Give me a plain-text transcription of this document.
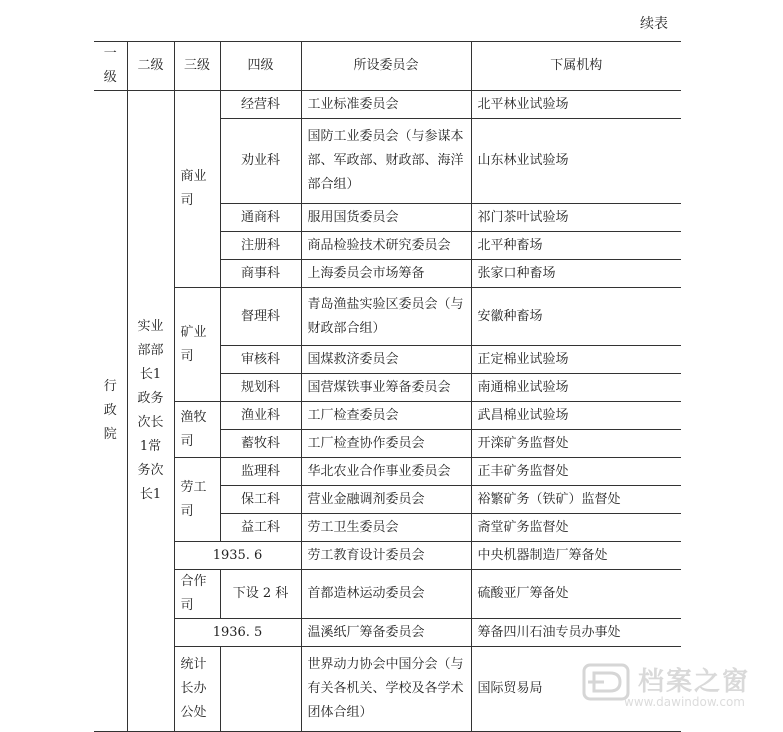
续表
一级	二级	三级	四级	所设委员会	下属机构
行政院	实业部部长1政务次长1常务次长1	商业司	经营科	工业标准委员会	北平林业试验场
			劝业科	国防工业委员会（与参谋本部、军政部、财政部、海洋部合组）	山东林业试验场
			通商科	服用国货委员会	祁门茶叶试验场
			注册科	商品检验技术研究委员会	北平种畜场
			商事科	上海委员会市场筹备	张家口种畜场
		矿业司	督理科	青岛渔盐实验区委员会（与财政部合组）	安徽种畜场
			审核科	国煤救济委员会	正定棉业试验场
			规划科	国营煤铁事业筹备委员会	南通棉业试验场
		渔牧司	渔业科	工厂检查委员会	武昌棉业试验场
			蓄牧科	工厂检查协作委员会	开滦矿务监督处
		劳工司	监理科	华北农业合作事业委员会	正丰矿务监督处
			保工科	营业金融调剂委员会	裕繁矿务（铁矿）监督处
			益工科	劳工卫生委员会	斋堂矿务监督处
		1935. 6		劳工教育设计委员会	中央机器制造厂筹备处
		合作司	下设 2 科	首都造林运动委员会	硫酸亚厂筹备处
		1936. 5		温溪纸厂筹备委员会	筹备四川石油专员办事处
		统计长办公处		世界动力协会中国分会（与有关各机关、学校及各学术团体合组）	国际贸易局	档案之窗
www.dawindow.com
